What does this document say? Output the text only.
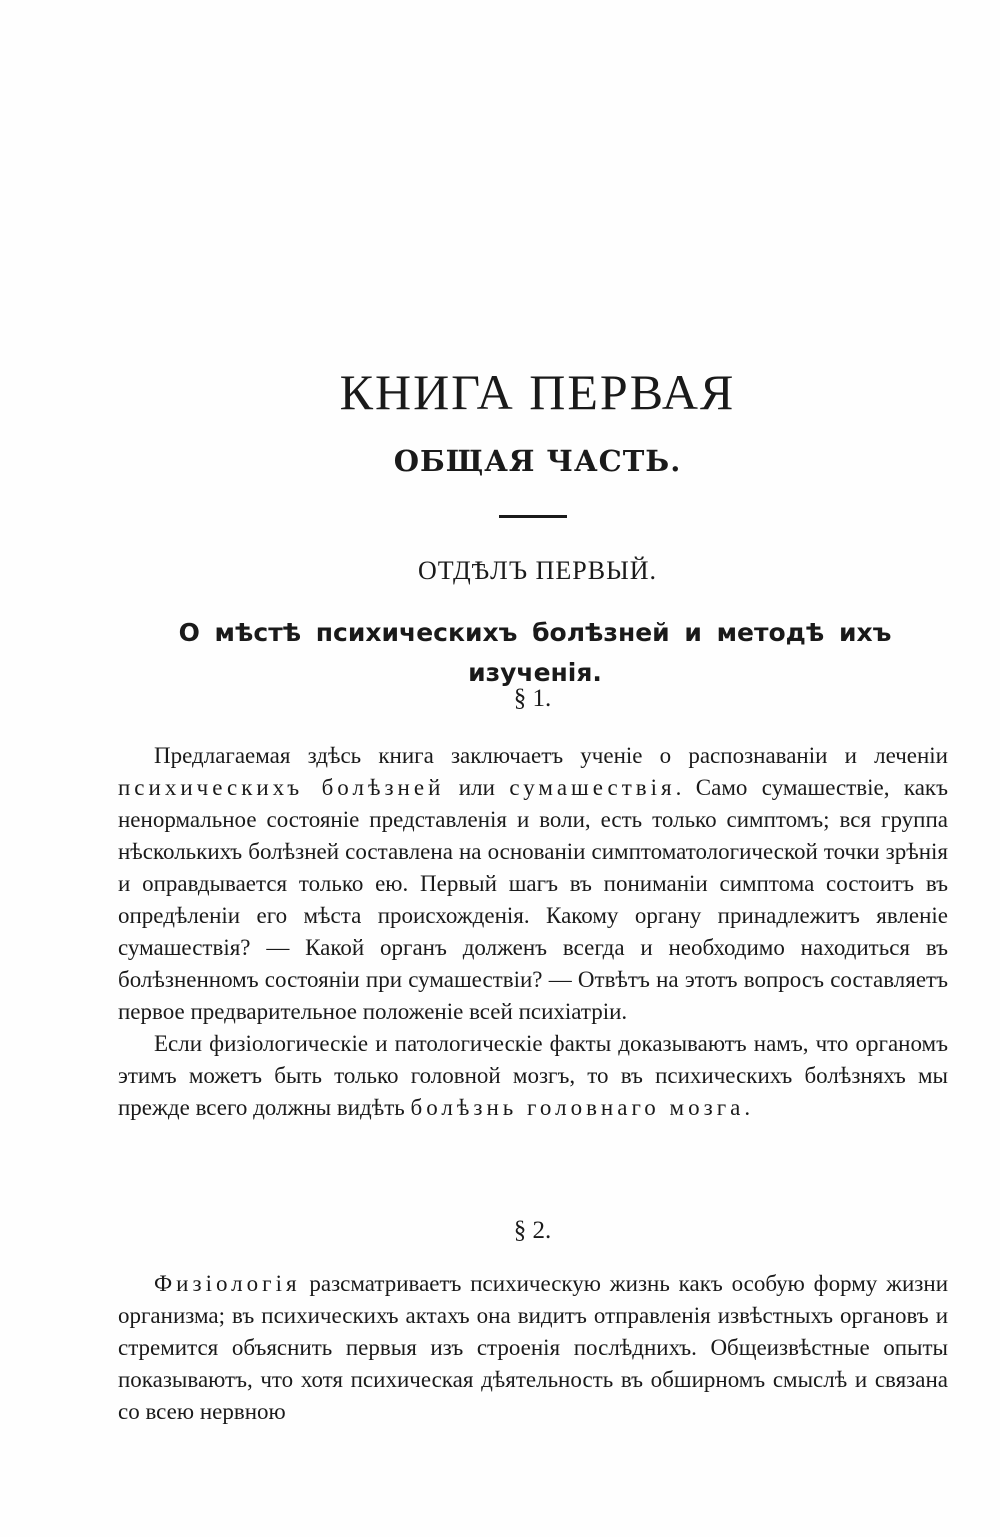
КНИГА ПЕРВАЯ
ОБЩАЯ ЧАСТЬ.
ОТДѢЛЪ ПЕРВЫЙ.
О мѣстѣ психическихъ болѣзней и методѣ ихъ изученія.
§ 1.

Предлагаемая здѣсь книга заключаетъ ученіе о распознаваніи и леченіи психическихъ болѣзней или сумашествія. Само сумашествіе, какъ ненормальное состояніе представленія и воли, есть только симптомъ; вся группа нѣсколькихъ болѣзней составлена на основаніи симптоматологической точки зрѣнія и оправдывается только ею. Первый шагъ въ пониманіи симптома состоитъ въ опредѣленіи его мѣста происхожденія. Какому органу принадлежитъ явленіе сумашествія? — Какой органъ долженъ всегда и необходимо находиться въ болѣзненномъ состояніи при сумашествіи? — Отвѣтъ на этотъ вопросъ составляетъ первое предварительное положеніе всей психіатріи.

Если физіологическіе и патологическіе факты доказываютъ намъ, что органомъ этимъ можетъ быть только головной мозгъ, то въ психическихъ болѣзняхъ мы прежде всего должны видѣть болѣзнь головнаго мозга.

§ 2.

Физіологія разсматриваетъ психическую жизнь какъ особую форму жизни организма; въ психическихъ актахъ она видитъ отправленія извѣстныхъ органовъ и стремится объяснить первыя изъ строенія послѣднихъ. Общеизвѣстные опыты показываютъ, что хотя психическая дѣятельность въ обширномъ смыслѣ и связана со всею нервною
